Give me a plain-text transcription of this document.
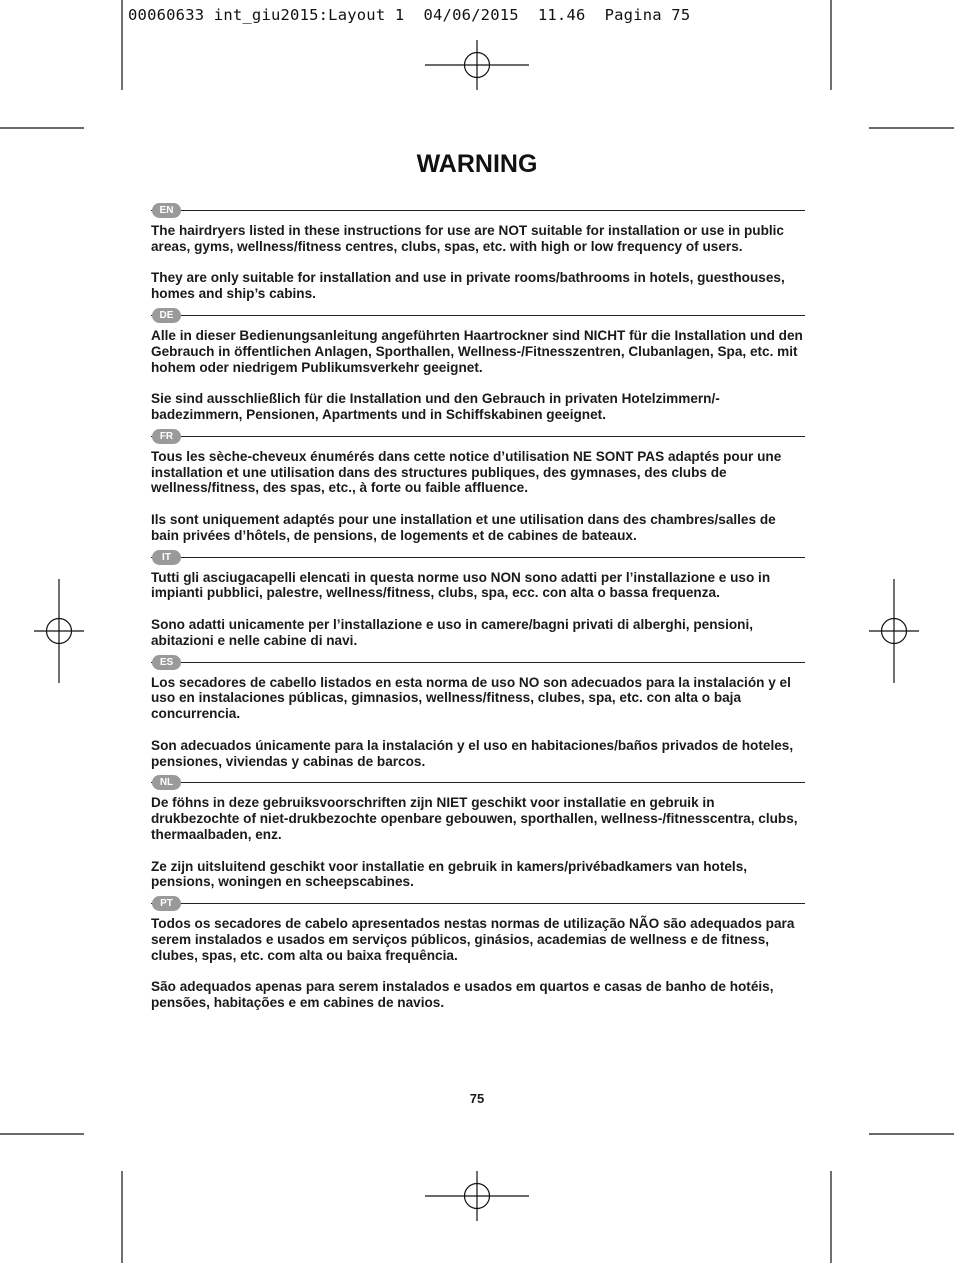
00060633 int_giu2015:Layout 1  04/06/2015  11.46  Pagina 75
WARNING
EN

The hairdryers listed in these instructions for use are NOT suitable for installation or use in public areas, gyms, wellness/fitness centres, clubs, spas, etc. with high or low frequency of users.

They are only suitable for installation and use in private rooms/bathrooms in hotels, guesthouses, homes and ship’s cabins.

DE

Alle in dieser Bedienungsanleitung angeführten Haartrockner sind NICHT für die Installation und den Gebrauch in öffentlichen Anlagen, Sporthallen, Wellness-/Fitnesszentren, Clubanlagen, Spa, etc. mit hohem oder niedrigem Publikumsverkehr geeignet.

Sie sind ausschließlich für die Installation und den Gebrauch in privaten Hotelzimmern/-badezimmern, Pensionen, Apartments und in Schiffskabinen geeignet.

FR

Tous les sèche-cheveux énumérés dans cette notice d’utilisation NE SONT PAS adaptés pour une installation et une utilisation dans des structures publiques, des gymnases, des clubs de wellness/fitness, des spas, etc., à forte ou faible affluence.

Ils sont uniquement adaptés pour une installation et une utilisation dans des chambres/salles de bain privées d’hôtels, de pensions, de logements et de cabines de bateaux.

IT

Tutti gli asciugacapelli elencati in questa norme uso NON sono adatti per l’installazione e uso in impianti pubblici, palestre, wellness/fitness, clubs, spa, ecc. con alta o bassa frequenza.

Sono adatti unicamente per l’installazione e uso in camere/bagni privati di alberghi, pensioni, abitazioni e nelle cabine di navi.

ES

Los secadores de cabello listados en esta norma de uso NO son adecuados para la instalación y el uso en instalaciones públicas, gimnasios, wellness/fitness, clubes, spa, etc. con alta o baja concurrencia.

Son adecuados únicamente para la instalación y el uso en habitaciones/baños privados de hoteles, pensiones, viviendas y cabinas de barcos.

NL

De föhns in deze gebruiksvoorschriften zijn NIET geschikt voor installatie en gebruik in drukbezochte of niet-drukbezochte openbare gebouwen, sporthallen, wellness-/fitnesscentra, clubs, thermaalbaden, enz.

Ze zijn uitsluitend geschikt voor installatie en gebruik in kamers/privébadkamers van hotels, pensions, woningen en scheepscabines.

PT

Todos os secadores de cabelo apresentados nestas normas de utilização NÃO são adequados para serem instalados e usados em serviços públicos, ginásios, academias de wellness e de fitness, clubes, spas, etc. com alta ou baixa frequência.

São adequados apenas para serem instalados e usados em quartos e casas de banho de hotéis, pensões, habitações e em cabines de navios.

75
